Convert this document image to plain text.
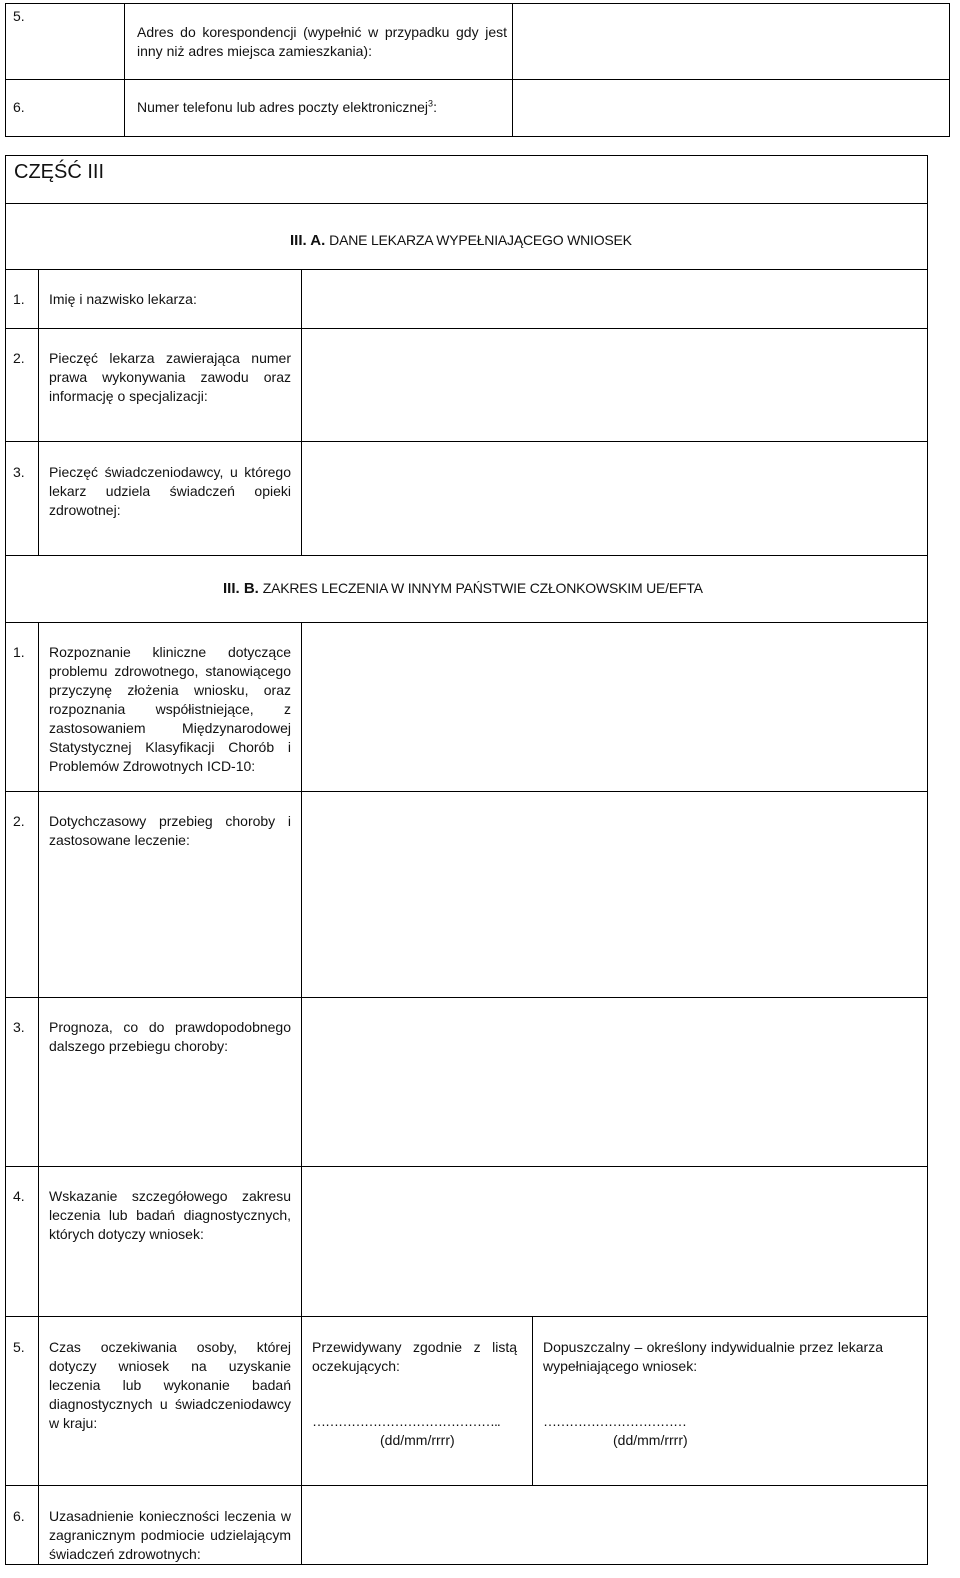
5.
Adres do korespondencji (wypełnić w przypadku gdy jest inny niż adres miejsca zamieszkania):
6.	Numer telefonu lub adres poczty elektronicznej$^3$:
CZĘŚĆ III
III. A. DANE LEKARZA WYPEŁNIAJĄCEGO WNIOSEK
1. Imię i nazwisko lekarza:
2. Pieczęć lekarza zawierająca numer prawa wykonywania zawodu oraz informację o specjalizacji:
3. Pieczęć świadczeniodawcy, u którego lekarz udziela świadczeń opieki zdrowotnej:
III. B. ZAKRES LECZENIA W INNYM PAŃSTWIE CZŁONKOWSKIM UE/EFTA
1. Rozpoznanie kliniczne dotyczące problemu zdrowotnego, stanowiącego przyczynę złożenia wniosku, oraz rozpoznania współistniejące, z zastosowaniem Międzynarodowej Statystycznej Klasyfikacji Chorób i Problemów Zdrowotnych ICD-10:
2. Dotychczasowy przebieg choroby i zastosowane leczenie:
3. Prognoza, co do prawdopodobnego dalszego przebiegu choroby:
4. Wskazanie szczegółowego zakresu leczenia lub badań diagnostycznych, których dotyczy wniosek:
5. Czas oczekiwania osoby, której dotyczy wniosek na uzyskanie leczenia lub wykonanie badań diagnostycznych u świadczeniodawcy w kraju:
Przewidywany zgodnie z listą oczekujących:
……………………………………..
(dd/mm/rrrr)
Dopuszczalny – określony indywidualnie przez lekarza wypełniającego wniosek:
……………………………
(dd/mm/rrrr)
6. Uzasadnienie konieczności leczenia w zagranicznym podmiocie udzielającym świadczeń zdrowotnych:
